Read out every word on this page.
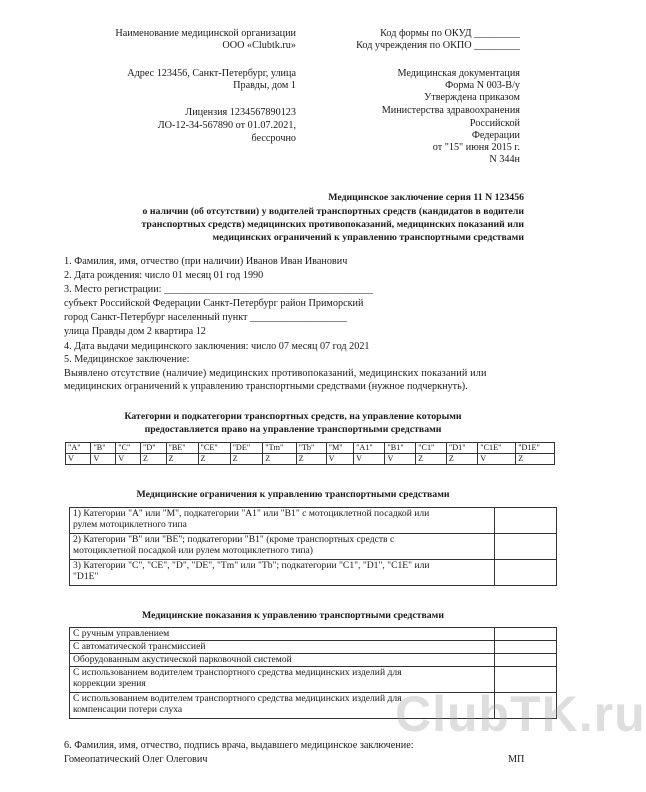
Наименование медицинской организации
ООО «Clubtk.ru»
Адрес 123456, Санкт-Петербург, улица
Правды, дом 1
Лицензия 1234567890123
ЛО-12-34-567890 от 01.07.2021,
бессрочно
Код формы по ОКУД _________
Код учреждения по ОКПО _________
Медицинская документация
Форма N 003-В/у
Утверждена приказом
Министерства здравоохранения
Российской
Федерации
от "15" июня 2015 г.
N 344н
Медицинское заключение серия 11 N 123456
о наличии (об отсутствии) у водителей транспортных средств (кандидатов в водители
транспортных средств) медицинских противопоказаний, медицинских показаний или
медицинских ограничений к управлению транспортными средствами
1. Фамилия, имя, отчество (при наличии) Иванов Иван Иванович
2. Дата рождения: число 01 месяц 01 год 1990
3. Место регистрации: _________________________________________
субъект Российской Федерации Санкт-Петербург район Приморский
город Санкт-Петербург населенный пункт ___________________
улица Правды дом 2 квартира 12
4. Дата выдачи медицинского заключения: число 07 месяц 07 год 2021
5. Медицинское заключение:
Выявлено отсутствие (наличие) медицинских противопоказаний, медицинских показаний или
медицинских ограничений к управлению транспортными средствами (нужное подчеркнуть).
Категории и подкатегории транспортных средств, на управление которыми
предоставляется право на управление транспортными средствами
"A"	"B"	"C"	"D"	"BE"	"CE"	"DE"	"Tm"	"Tb"	"M"	"A1"	"B1"	"C1"	"D1"	"C1E"	"D1E"
V	V	V	Z	Z	Z	Z	Z	Z	V	V	V	Z	Z	V	Z
Медицинские ограничения к управлению транспортными средствами
1) Категории "A" или "M", подкатегории "A1" или "B1" с мотоциклетной посадкой или
рулем мотоциклетного типа	

2) Категории "B" или "BE"; подкатегории "B1" (кроме транспортных средств с
мотоциклетной посадкой или рулем мотоциклетного типа)	

3) Категории "C", "CE", "D", "DE", "Tm" или "Tb"; подкатегории "C1", "D1", "C1E" или
"D1E"	

Медицинские показания к управлению транспортными средствами
С ручным управлением	

С автоматической трансмиссией	

Оборудованным акустической парковочной системой	

С использованием водителем транспортного средства медицинских изделий для
коррекции зрения	

С использованием водителем транспортного средства медицинских изделий для
компенсации потери слуха	
		ClubTK.ru
6. Фамилия, имя, отчество, подпись врача, выдавшего медицинское заключение:
Гомеопатический Олег Олегович	МП
